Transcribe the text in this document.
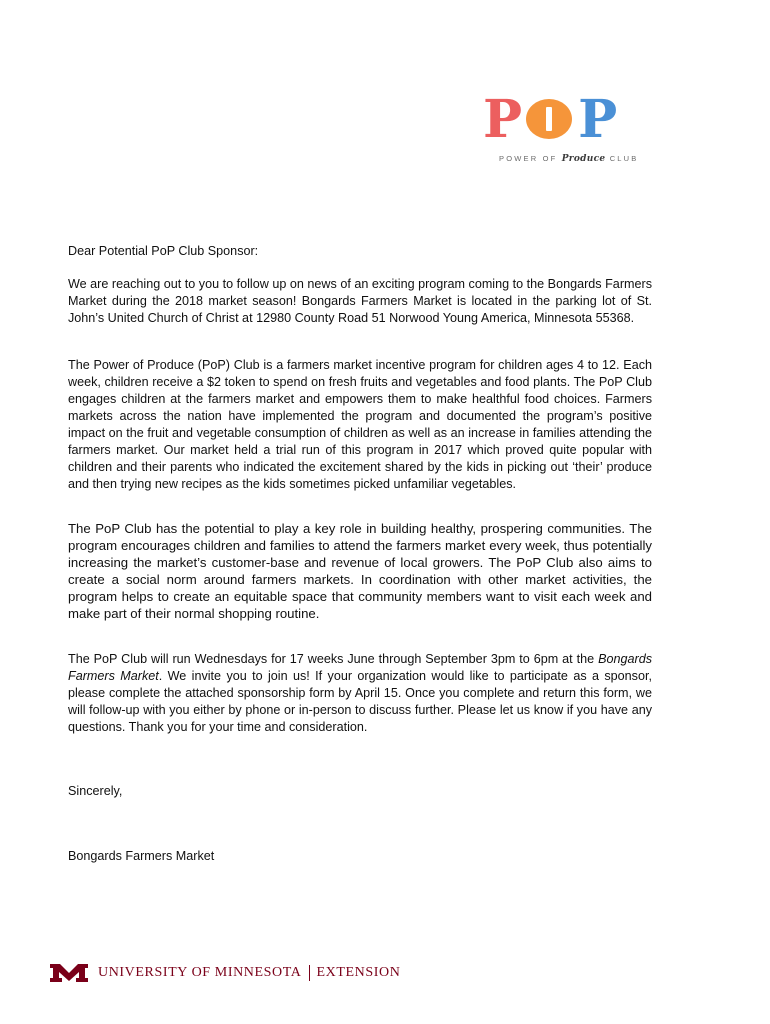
P P
POWER OF Produce CLUB

Dear Potential PoP Club Sponsor:

We are reaching out to you to follow up on news of an exciting program coming to the Bongards Farmers Market during the 2018 market season! Bongards Farmers Market is located in the parking lot of St. John’s United Church of Christ at 12980 County Road 51 Norwood Young America, Minnesota 55368.

The Power of Produce (PoP) Club is a farmers market incentive program for children ages 4 to 12. Each week, children receive a $2 token to spend on fresh fruits and vegetables and food plants. The PoP Club engages children at the farmers market and empowers them to make healthful food choices. Farmers markets across the nation have implemented the program and documented the program’s positive impact on the fruit and vegetable consumption of children as well as an increase in families attending the farmers market. Our market held a trial run of this program in 2017 which proved quite popular with children and their parents who indicated the excitement shared by the kids in picking out ‘their’ produce and then trying new recipes as the kids sometimes picked unfamiliar vegetables.

The PoP Club has the potential to play a key role in building healthy, prospering communities. The program encourages children and families to attend the farmers market every week, thus potentially increasing the market’s customer-base and revenue of local growers. The PoP Club also aims to create a social norm around farmers markets. In coordination with other market activities, the program helps to create an equitable space that community members want to visit each week and make part of their normal shopping routine.

The PoP Club will run Wednesdays for 17 weeks June through September 3pm to 6pm at the Bongards Farmers Market. We invite you to join us! If your organization would like to participate as a sponsor, please complete the attached sponsorship form by April 15. Once you complete and return this form, we will follow-up with you either by phone or in-person to discuss further. Please let us know if you have any questions. Thank you for your time and consideration.

Sincerely,

Bongards Farmers Market

UNIVERSITY OF MINNESOTA EXTENSION
